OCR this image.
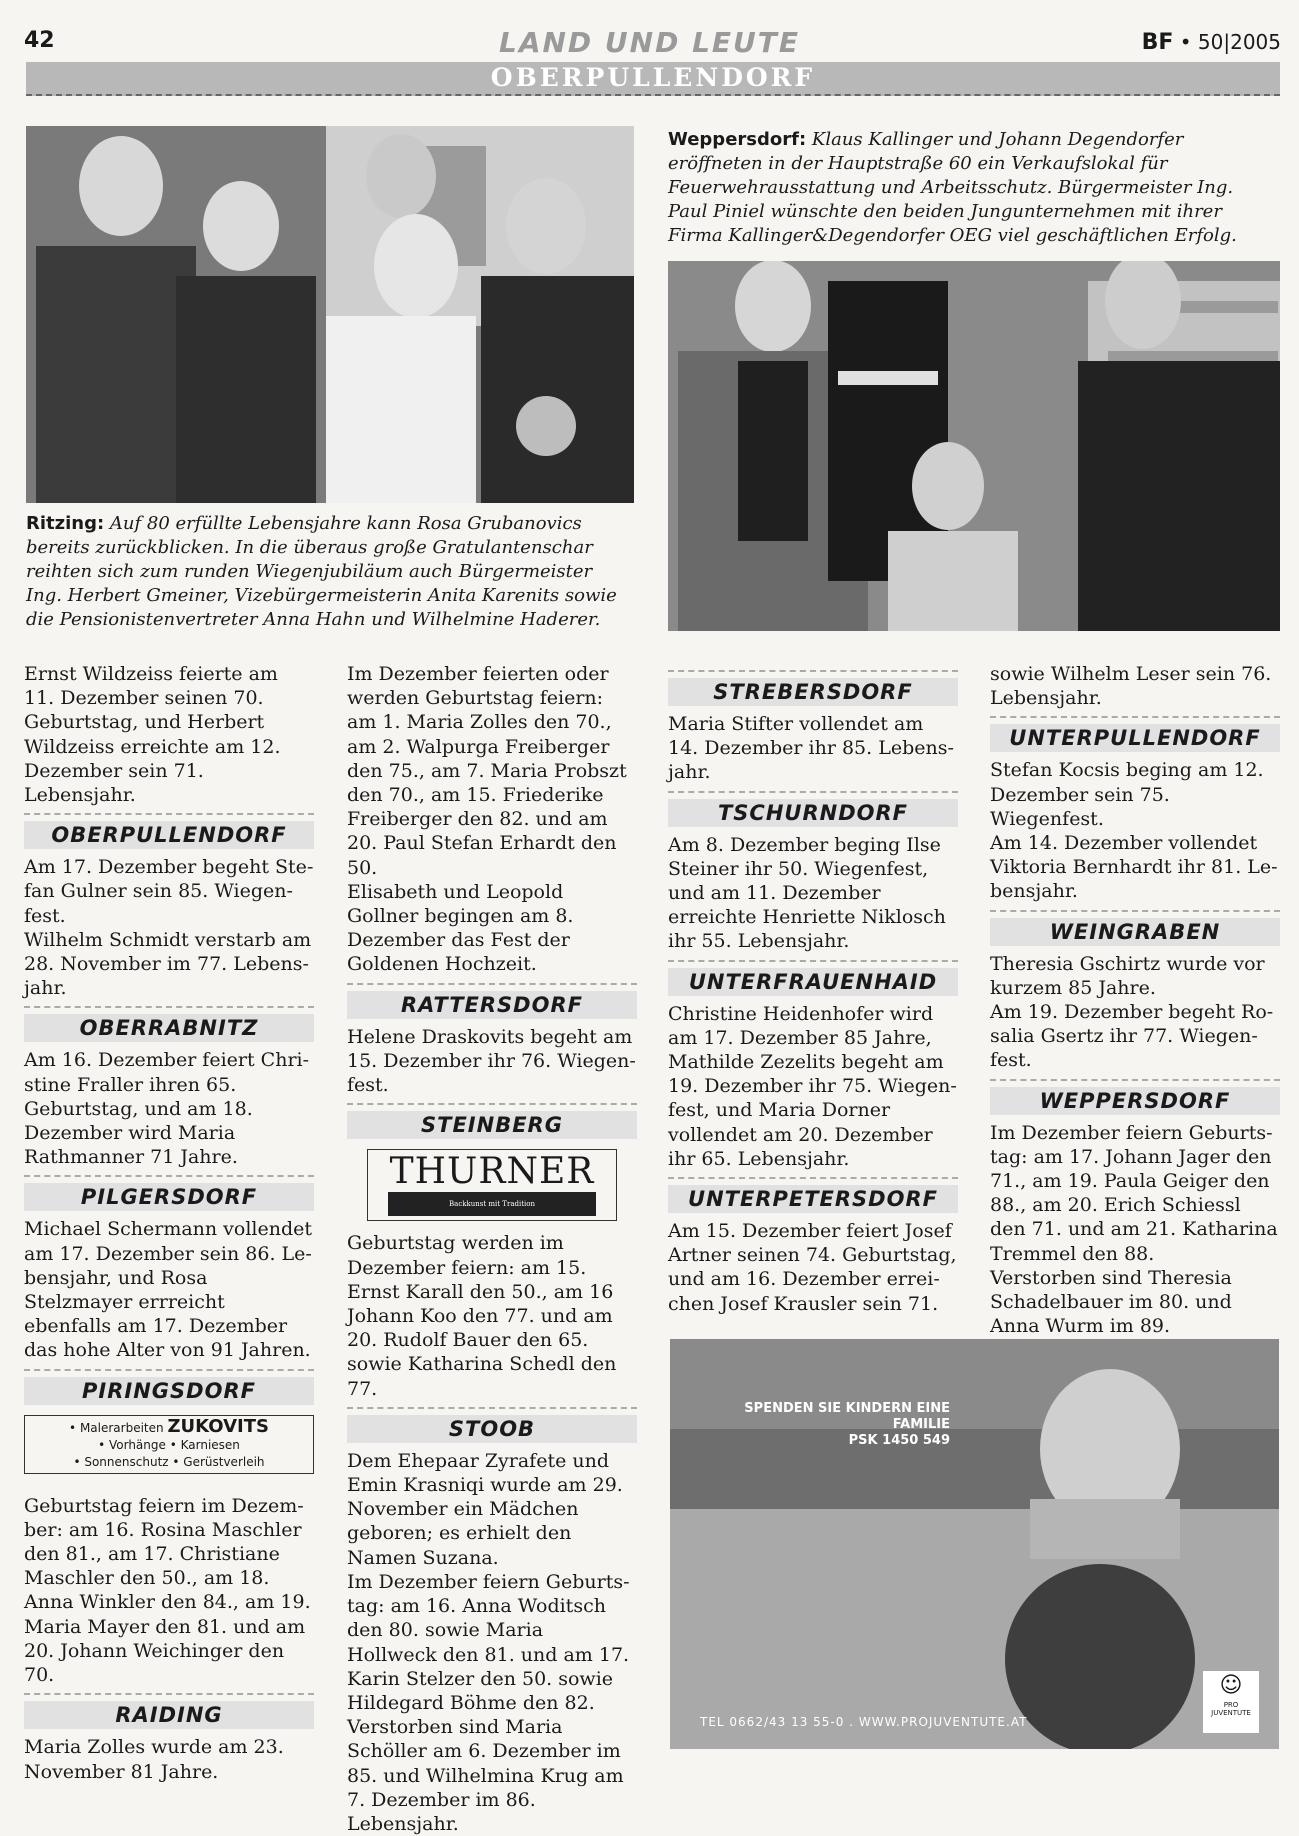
42	LAND UND LEUTE	BF • 50|2005
OBERPULLENDORF
Ritzing: Auf 80 erfüllte Lebensjahre kann Rosa Grubanovics bereits zurückblicken. In die überaus große Gratulantenschar reihten sich zum runden Wiegenjubiläum auch Bürgermeister Ing. Herbert Gmeiner, Vizebürgermeisterin Anita Karenits sowie die Pensionistenvertreter Anna Hahn und Wilhelmine Haderer.
Weppersdorf: Klaus Kallinger und Johann Degendorfer eröffneten in der Hauptstraße 60 ein Verkaufslokal für Feuerwehrausstattung und Arbeitsschutz. Bürgermeister Ing. Paul Piniel wünschte den beiden Jungunternehmen mit ihrer Firma Kallinger&Degendorfer OEG viel geschäftlichen Erfolg.

Ernst Wildzeiss feierte am 11. Dezember seinen 70. Geburtstag, und Herbert Wildzeiss erreichte am 12. Dezember sein 71. Lebensjahr.

OBERPULLENDORF

Am 17. Dezember begeht Stefan Gulner sein 85. Wiegenfest.

Wilhelm Schmidt verstarb am 28. November im 77. Lebensjahr.

OBERRABNITZ

Am 16. Dezember feiert Christine Fraller ihren 65. Geburtstag, und am 18. Dezember wird Maria Rathmanner 71 Jahre.

PILGERSDORF

Michael Schermann vollendet am 17. Dezember sein 86. Lebensjahr, und Rosa Stelzmayer errreicht ebenfalls am 17. Dezember das hohe Alter von 91 Jahren.

PIRINGSDORF
• Malerarbeiten ZUKOVITS
• Vorhänge • Karniesen
• Sonnenschutz • Gerüstverleih

Geburtstag feiern im Dezember: am 16. Rosina Maschler den 81., am 17. Christiane Maschler den 50., am 18. Anna Winkler den 84., am 19. Maria Mayer den 81. und am 20. Johann Weichinger den 70.

RAIDING

Maria Zolles wurde am 23. November 81 Jahre.

Im Dezember feierten oder werden Geburtstag feiern: am 1. Maria Zolles den 70., am 2. Walpurga Freiberger den 75., am 7. Maria Probszt den 70., am 15. Friederike Freiberger den 82. und am 20. Paul Stefan Erhardt den 50.

Elisabeth und Leopold Gollner begingen am 8. Dezember das Fest der Goldenen Hochzeit.

RATTERSDORF

Helene Draskovits begeht am 15. Dezember ihr 76. Wiegenfest.

STEINBERG
THURNER
Backkunst mit Tradition

Geburtstag werden im Dezember feiern: am 15. Ernst Karall den 50., am 16 Johann Koo den 77. und am 20. Rudolf Bauer den 65. sowie Katharina Schedl den 77.

STOOB

Dem Ehepaar Zyrafete und Emin Krasniqi wurde am 29. November ein Mädchen geboren; es erhielt den Namen Suzana.

Im Dezember feiern Geburtstag: am 16. Anna Woditsch den 80. sowie Maria Hollweck den 81. und am 17. Karin Stelzer den 50. sowie Hildegard Böhme den 82.

Verstorben sind Maria Schöller am 6. Dezember im 85. und Wilhelmina Krug am 7. Dezember im 86. Lebensjahr.

STREBERSDORF

Maria Stifter vollendet am 14. Dezember ihr 85. Lebensjahr.

TSCHURNDORF

Am 8. Dezember beging Ilse Steiner ihr 50. Wiegenfest, und am 11. Dezember erreichte Henriette Niklosch ihr 55. Lebensjahr.

UNTERFRAUENHAID

Christine Heidenhofer wird am 17. Dezember 85 Jahre, Mathilde Zezelits begeht am 19. Dezember ihr 75. Wiegenfest, und Maria Dorner vollendet am 20. Dezember ihr 65. Lebensjahr.

UNTERPETERSDORF

Am 15. Dezember feiert Josef Artner seinen 74. Geburtstag, und am 16. Dezember erreichen Josef Krausler sein 71.

sowie Wilhelm Leser sein 76. Lebensjahr.

UNTERPULLENDORF

Stefan Kocsis beging am 12. Dezember sein 75. Wiegenfest.

Am 14. Dezember vollendet Viktoria Bernhardt ihr 81. Lebensjahr.

WEINGRABEN

Theresia Gschirtz wurde vor kurzem 85 Jahre.

Am 19. Dezember begeht Rosalia Gsertz ihr 77. Wiegenfest.

WEPPERSDORF

Im Dezember feiern Geburtstag: am 17. Johann Jager den 71., am 19. Paula Geiger den 88., am 20. Erich Schiessl den 71. und am 21. Katharina Tremmel den 88.

Verstorben sind Theresia Schadelbauer im 80. und Anna Wurm im 89.

SPENDEN SIE KINDERN EINE FAMILIE
PSK 1450 549
TEL 0662/43 13 55-0 . WWW.PROJUVENTUTE.AT
☺
PRO JUVENTUTE
